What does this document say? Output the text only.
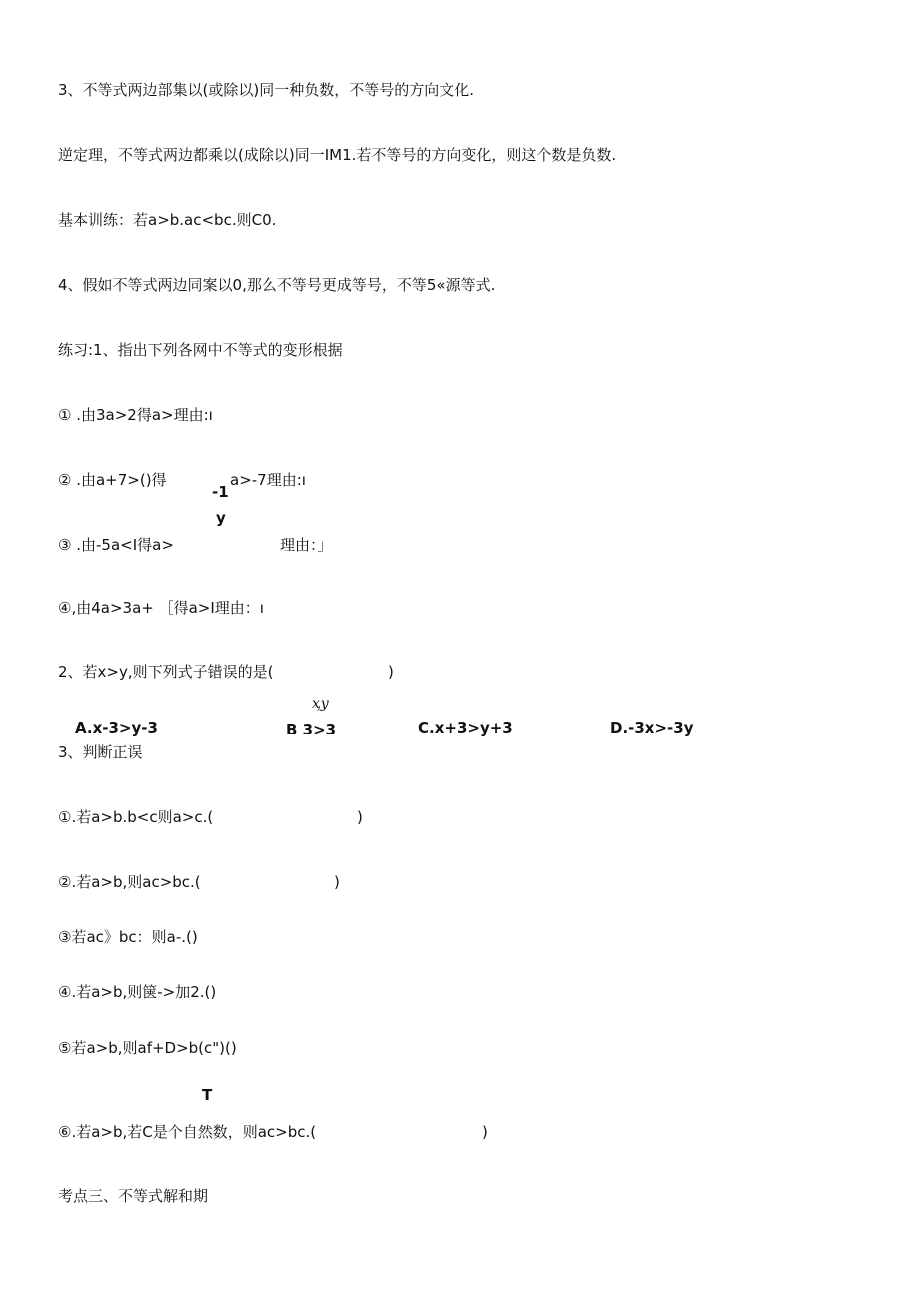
3、不等式两边部集以(或除以)同一种负数，不等号的方向文化.
逆定理，不等式两边都乘以(成除以)同一IM1.若不等号的方向变化，则这个数是负数.
基本训练：若a>b.ac<bc.则C0.
4、假如不等式两边同案以0,那么不等号更成等号，不等5«源等式.
练习:1、指出下列各网中不等式的变形根据
① .由3a>2得a>理由:ı
② .由a+7>()得	a>-7理由:ı
-1
y
③ .由-5a<I得a>	理由：」
④,由4a>3a+ ［得a>I理由：ı
2、若x>y,则下列式子错误的是(	)
ҳy
A.x-3>y-3	B 3>3	C.x+3>y+3	D.-3x>-3y
3、判断正误
①.若a>b.b<c则a>c.(	)
②.若a>b,则ac>bc.(	)
③若ac》bc：则a-.()
④.若a>b,则箧->加2.()
⑤若a>b,则af+D>b(c")()
T
⑥.若a>b,若C是个自然数，则ac>bc.(	)
考点三、不等式解和期
